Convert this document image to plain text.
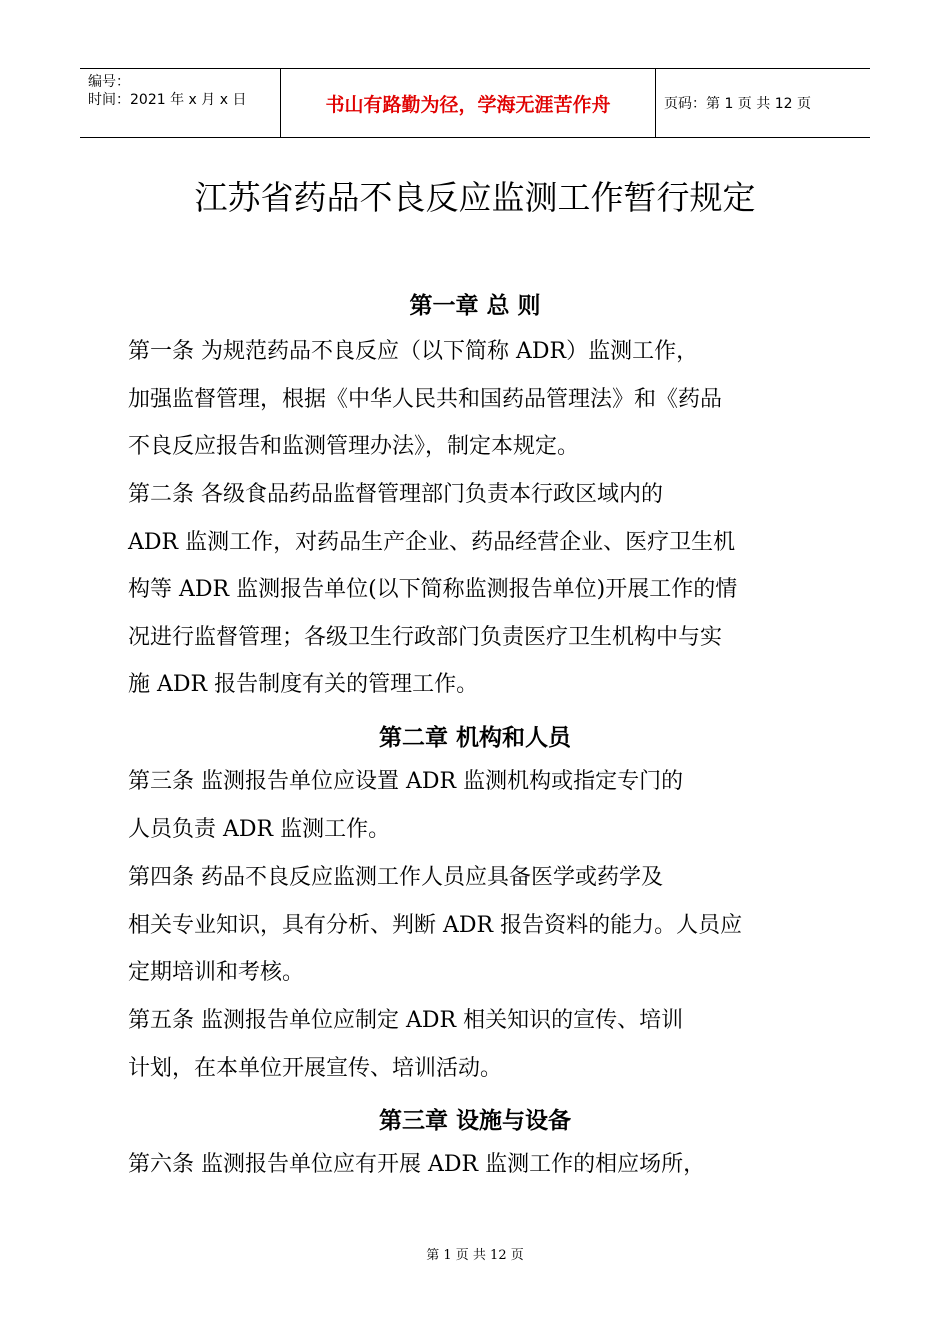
编号：
时间：2021 年 x 月 x 日	书山有路勤为径，学海无涯苦作舟	页码：第 1 页 共 12 页
江苏省药品不良反应监测工作暂行规定
第一章 总 则
第一条 为规范药品不良反应（以下简称 ADR）监测工作，
加强监督管理，根据《中华人民共和国药品管理法》和《药品
不良反应报告和监测管理办法》，制定本规定。
第二条 各级食品药品监督管理部门负责本行政区域内的
ADR 监测工作，对药品生产企业、药品经营企业、医疗卫生机
构等 ADR 监测报告单位(以下简称监测报告单位)开展工作的情
况进行监督管理；各级卫生行政部门负责医疗卫生机构中与实
施 ADR 报告制度有关的管理工作。
第二章 机构和人员
第三条 监测报告单位应设置 ADR 监测机构或指定专门的
人员负责 ADR 监测工作。
第四条 药品不良反应监测工作人员应具备医学或药学及
相关专业知识，具有分析、判断 ADR 报告资料的能力。人员应
定期培训和考核。
第五条 监测报告单位应制定 ADR 相关知识的宣传、培训
计划，在本单位开展宣传、培训活动。
第三章 设施与设备
第六条 监测报告单位应有开展 ADR 监测工作的相应场所，
第 1 页 共 12 页
